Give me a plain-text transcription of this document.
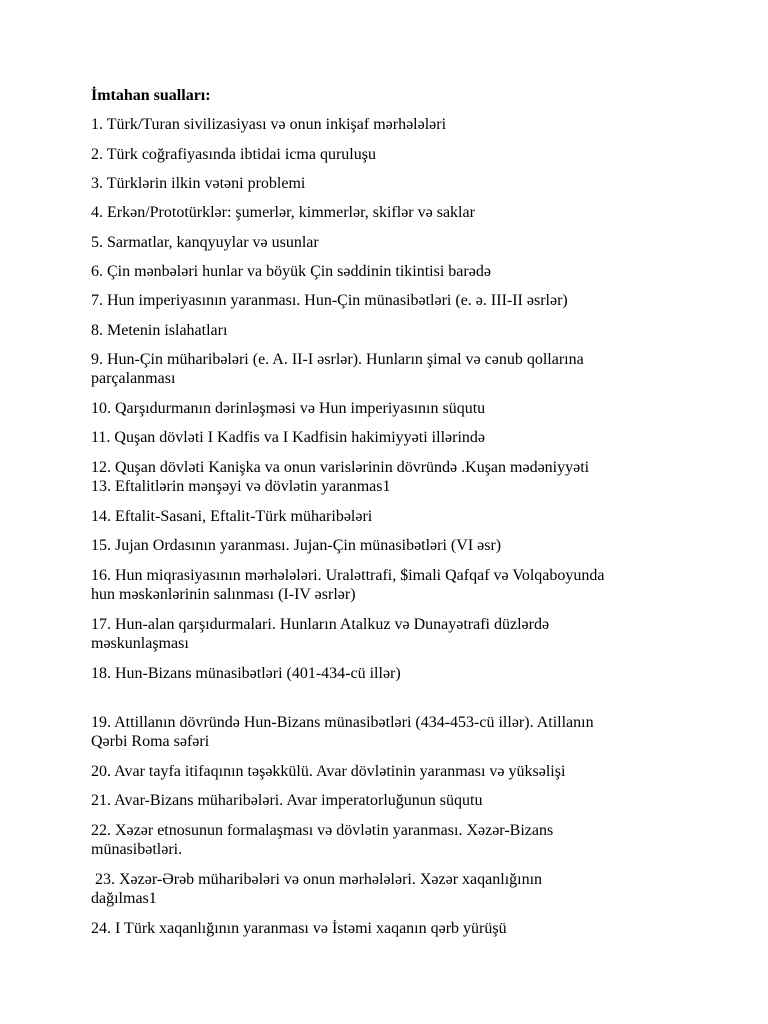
İmtahan sualları:
1. Türk/Turan sivilizasiyası və onun inkişaf mərhələləri
2. Türk coğrafiyasında ibtidai icma quruluşu
3. Türklərin ilkin vətəni problemi
4. Erkən/Prototürklər: şumerlər, kimmerlər, skiflər və saklar
5. Sarmatlar, kanqyuylar və usunlar
6. Çin mənbələri hunlar va böyük Çin səddinin tikintisi barədə
7. Hun imperiyasının yaranması. Hun-Çin münasibətləri (e. ə. III-II əsrlər)
8. Metenin islahatları
9. Hun-Çin müharibələri (e. A. II-I əsrlər). Hunların şimal və cənub qollarına
parçalanması
10. Qarşıdurmanın dərinləşməsi və Hun imperiyasının süqutu
11. Quşan dövləti I Kadfis va I Kadfisin hakimiyyəti illərində
12. Quşan dövləti Kanişka va onun varislərinin dövründə .Kuşan mədəniyyəti
13. Eftalitlərin mənşəyi və dövlətin yaranmas1
14. Eftalit-Sasani, Eftalit-Türk müharibələri
15. Jujan Ordasının yaranması. Jujan-Çin münasibətləri (VI əsr)
16. Hun miqrasiyasının mərhələləri. Uraləttrafi, $imali Qafqaf və Volqaboyunda
hun məskənlərinin salınması (I-IV əsrlər)
17. Hun-alan qarşıdurmalari. Hunların Atalkuz və Dunayətrafi düzlərdə
məskunlaşması
18. Hun-Bizans münasibətləri (401-434-cü illər)
19. Attillanın dövründə Hun-Bizans münasibətləri (434-453-cü illər). Atillanın
Qərbi Roma səfəri
20. Avar tayfa itifaqının təşəkkülü. Avar dövlətinin yaranması və yüksəlişi
21. Avar-Bizans müharibələri. Avar imperatorluğunun süqutu
22. Xəzər etnosunun formalaşması və dövlətin yaranması. Xəzər-Bizans
münasibətləri.
23. Xəzər-Ərəb müharibələri və onun mərhələləri. Xəzər xaqanlığının
dağılmas1
24. I Türk xaqanlığının yaranması və İstəmi xaqanın qərb yürüşü
